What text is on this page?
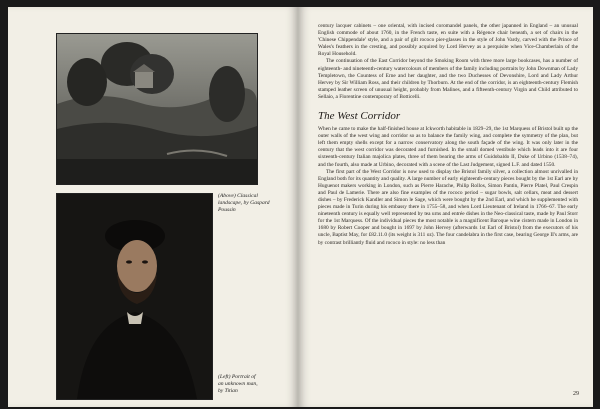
(Above) Classical
landscape, by Gaspard
Poussin
(Left) Portrait of
an unknown man,
by Titian

century lacquer cabinets – one oriental, with incised coromandel panels, the other japanned in England – an unusual English commode of about 1760, in the French taste, en suite with a Régence chair beneath, a set of chairs in the 'Chinese Chippendale' style, and a pair of gilt rococo pier-glasses in the style of John Vardy, carved with the Prince of Wales's feathers in the cresting, and possibly acquired by Lord Hervey as a perquisite when Vice-Chamberlain of the Royal Household.

The continuation of the East Corridor beyond the Smoking Room with three more large bookcases, has a number of eighteenth- and nineteenth-century watercolours of members of the family including portraits by John Downman of Lady Templetown, the Countess of Erne and her daughter, and the two Duchesses of Devonshire, Lord and Lady Arthur Hervey by Sir William Ross, and their children by Thorburn. At the end of the corridor, is an eighteenth-century Flemish stamped leather screen of unusual height, probably from Malines, and a fifteenth-century Virgin and Child attributed to Sellaio, a Florentine contemporary of Botticelli.

The West Corridor

When he came to make the half-finished house at Ickworth habitable in 1829–29, the 1st Marquess of Bristol built up the outer walls of the west wing and corridor so as to balance the family wing, and complete the symmetry of the plan, but left them empty shells except for a narrow conservatory along the south façade of the wing. It was only later in the century that the west corridor was decorated and furnished. In the small domed vestibule which leads into it are four sixteenth-century Italian majolica plates, three of them bearing the arms of Guidobaldo II, Duke of Urbino (1538–74), and the fourth, also made at Urbino, decorated with a scene of the Last Judgement, signed L.F. and dated 1550.

The first part of the West Corridor is now used to display the Bristol family silver, a collection almost unrivalled in England both for its quantity and quality. A large number of early eighteenth-century pieces bought by the 1st Earl are by Huguenot makers working in London, such as Pierre Harache, Philip Rollos, Simon Pantin, Pierre Platel, Paul Crespin and Paul de Lamerie. There are also fine examples of the rococo period – sugar bowls, salt cellars, meat and dessert dishes – by Frederick Kandler and Simon le Sage, which were bought by the 2nd Earl, and which he supplemented with pieces made in Turin during his embassy there in 1755–58, and when Lord Lieutenant of Ireland in 1766–67. The early nineteenth century is equally well represented by tea urns and entrée dishes in the Neo-classical taste, made by Paul Storr for the 1st Marquess. Of the individual pieces the most notable is a magnificent Baroque wine cistern made in London in 1680 by Robert Cooper and bought in 1697 by John Hervey (afterwards 1st Earl of Bristol) from the executors of his uncle, Baptist May, for £82.11.0 (its weight is 311 oz). The four candelabra in the first case, bearing George II's arms, are by contrast brilliantly fluid and rococo in style: no less than

29
